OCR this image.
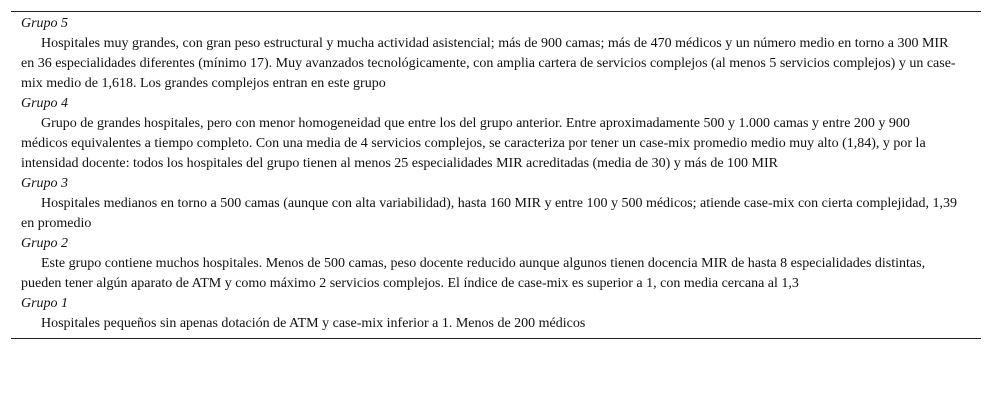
Grupo 5

Hospitales muy grandes, con gran peso estructural y mucha actividad asistencial; más de 900 camas; más de 470 médicos y un número medio en torno a 300 MIR en 36 especialidades diferentes (mínimo 17). Muy avanzados tecnológicamente, con amplia cartera de servicios complejos (al menos 5 servicios complejos) y un case-mix medio de 1,618. Los grandes complejos entran en este grupo

Grupo 4

Grupo de grandes hospitales, pero con menor homogeneidad que entre los del grupo anterior. Entre aproximadamente 500 y 1.000 camas y entre 200 y 900 médicos equivalentes a tiempo completo. Con una media de 4 servicios complejos, se caracteriza por tener un case-mix promedio medio muy alto (1,84), y por la intensidad docente: todos los hospitales del grupo tienen al menos 25 especialidades MIR acreditadas (media de 30) y más de 100 MIR

Grupo 3

Hospitales medianos en torno a 500 camas (aunque con alta variabilidad), hasta 160 MIR y entre 100 y 500 médicos; atiende case-mix con cierta complejidad, 1,39 en promedio

Grupo 2

Este grupo contiene muchos hospitales. Menos de 500 camas, peso docente reducido aunque algunos tienen docencia MIR de hasta 8 especialidades distintas, pueden tener algún aparato de ATM y como máximo 2 servicios complejos. El índice de case-mix es superior a 1, con media cercana al 1,3

Grupo 1

Hospitales pequeños sin apenas dotación de ATM y case-mix inferior a 1. Menos de 200 médicos
